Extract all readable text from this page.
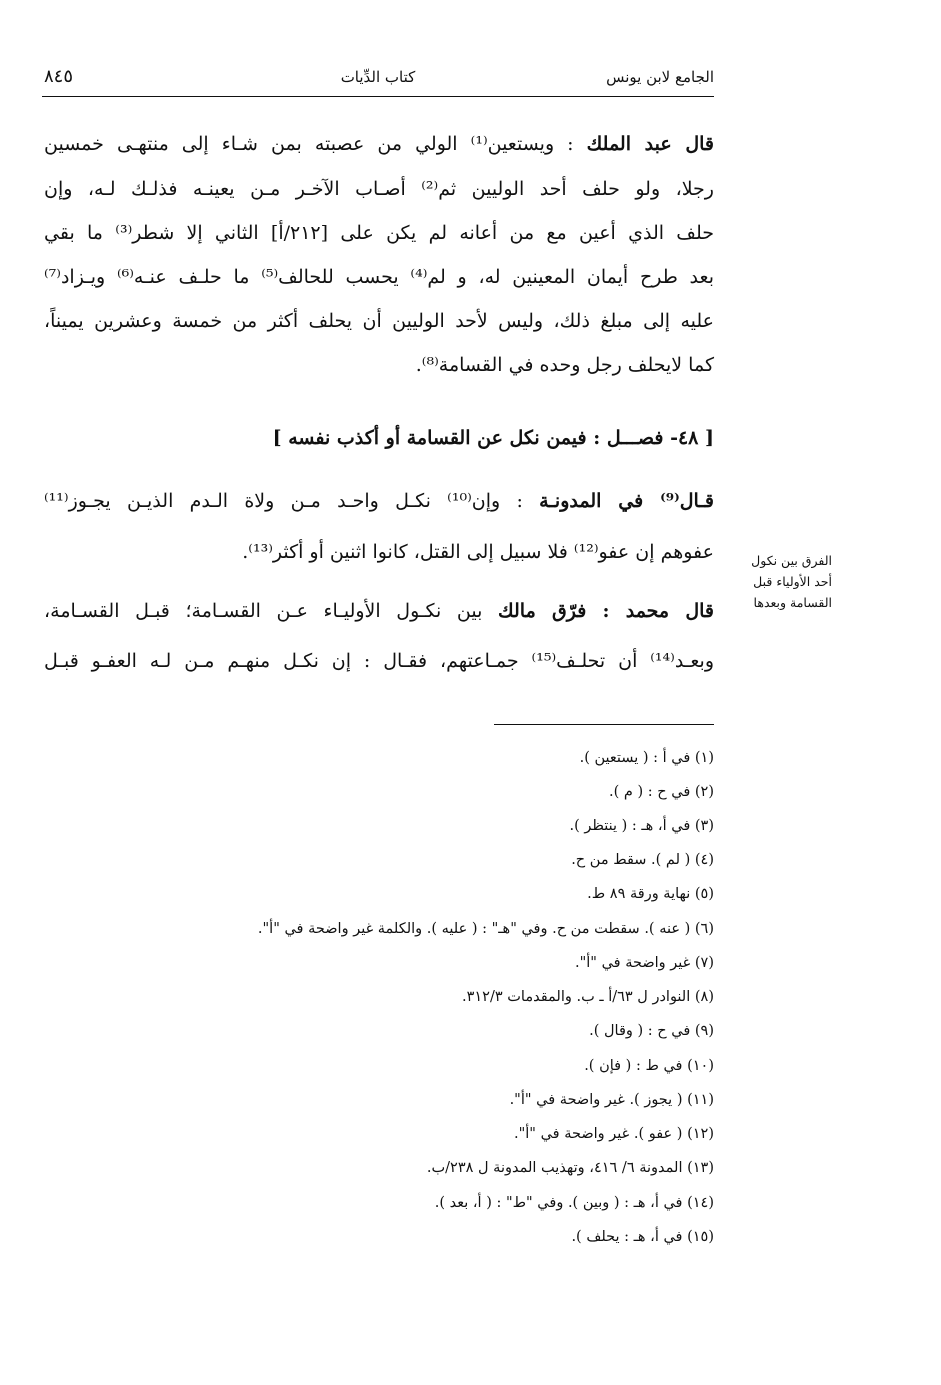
الجامع لابن يونس
كتاب الدِّيات
٨٤٥
قال عبد الملك : ويستعين⁽¹⁾ الولي من عصبته بمن شـاء إلى منتهـى خمسين
رجلا، ولو حلف أحد الوليين ثم⁽²⁾ أصـاب الآخـر مـن يعينـه فذلـك لـه، وإن
حلف الذي أعين مع من أعانه لم يكن على [٢١٢/أ] الثاني إلا شطر⁽³⁾ ما بقي
بعد طرح أيمان المعينين له، و لم⁽⁴⁾ يحسب للحالف⁽⁵⁾ ما حلـف عنـه⁽⁶⁾ ويـزاد⁽⁷⁾
عليه إلى مبلغ ذلك، وليس لأحد الوليين أن يحلف أكثر من خمسة وعشرين يميناً،
كما لايحلف رجل وحده في القسامة⁽⁸⁾.
[ ٤٨- فصـــل : فيمن نكل عن القسامة أو أكذب نفسه ]
قـال⁽⁹⁾ في المدونـة : وإن⁽¹⁰⁾ نكـل واحـد مـن ولاة الـدم الذيـن يجـوز⁽¹¹⁾
عفوهم إن عفو⁽¹²⁾ فلا سبيل إلى القتل، كانوا اثنين أو أكثر⁽¹³⁾.
قال محمد : فرّق مالك بين نكـول الأوليـاء عـن القسـامة؛ قبـل القسـامة،
وبعـد⁽¹⁴⁾ أن تحلـف⁽¹⁵⁾ جمـاعتهم، فقـال : إن نكـل منهـم مـن لـه العفـو قبـل
الفرق بين نكول أحد الأولياء قبل القسامة وبعدها
(١) في أ : ( يستعين ).
(٢) في ح : ( م ).
(٣) في أ، هـ : ( ينتظر ).
(٤) ( لم ). سقط من ح.
(٥) نهاية ورقة ٨٩ ط.
(٦) ( عنه ). سقطت من ح. وفي "هـ" : ( عليه ). والكلمة غير واضحة في "أ".
(٧) غير واضحة في "أ".
(٨) النوادر ل ٦٣/أ ـ ب. والمقدمات ٣١٢/٣.
(٩) في ح : ( وقال ).
(١٠) في ط : ( فإن ).
(١١) ( يجوز ). غير واضحة في "أ".
(١٢) ( عفو ). غير واضحة في "أ".
(١٣) المدونة ٦/ ٤١٦، وتهذيب المدونة ل ٢٣٨/ب.
(١٤) في أ، هـ : ( وبين ). وفي "ط" : ( أ، بعد ).
(١٥) في أ، هـ : يحلف ).
